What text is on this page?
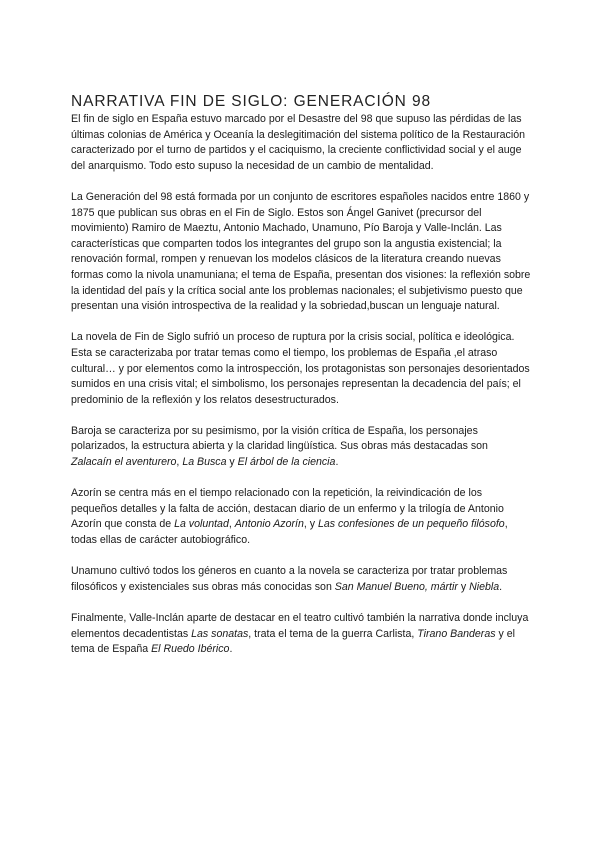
NARRATIVA FIN DE SIGLO: GENERACIÓN 98

El fin de siglo en España estuvo marcado por el Desastre del 98 que supuso las pérdidas de las últimas colonias de América y Oceanía la deslegitimación del sistema político de la Restauración caracterizado por el turno de partidos y el caciquismo, la creciente conflictividad social y el auge del anarquismo. Todo esto supuso la necesidad de un cambio de mentalidad.

La Generación del 98 está formada por un conjunto de escritores españoles nacidos entre 1860 y 1875 que publican sus obras en el Fin de Siglo. Estos son Ángel Ganivet (precursor del movimiento) Ramiro de Maeztu, Antonio Machado, Unamuno, Pío Baroja y Valle-Inclán. Las características que comparten todos los integrantes del grupo son la angustia existencial; la renovación formal, rompen y renuevan los modelos clásicos de la literatura creando nuevas formas como la nivola unamuniana; el tema de España, presentan dos visiones: la reflexión sobre la identidad del país y la crítica social ante los problemas nacionales; el subjetivismo puesto que presentan una visión introspectiva de la realidad y la sobriedad,buscan un lenguaje natural.

La novela de Fin de Siglo sufrió un proceso de ruptura por la crisis social, política e ideológica. Esta se caracterizaba por tratar temas como el tiempo, los problemas de España ,el atraso cultural… y por elementos como la introspección, los protagonistas son personajes desorientados sumidos en una crisis vital; el simbolismo, los personajes representan la decadencia del país; el predominio de la reflexión y los relatos desestructurados.

Baroja se caracteriza por su pesimismo, por la visión crítica de España, los personajes polarizados, la estructura abierta y la claridad lingüística. Sus obras más destacadas son Zalacaín el aventurero, La Busca y El árbol de la ciencia.

Azorín se centra más en el tiempo relacionado con la repetición, la reivindicación de los pequeños detalles y la falta de acción, destacan diario de un enfermo y la trilogía de Antonio Azorín que consta de La voluntad, Antonio Azorín, y Las confesiones de un pequeño filósofo, todas ellas de carácter autobiográfico.

Unamuno cultivó todos los géneros en cuanto a la novela se caracteriza por tratar problemas filosóficos y existenciales sus obras más conocidas son San Manuel Bueno, mártir y Niebla.

Finalmente, Valle-Inclán aparte de destacar en el teatro cultivó también la narrativa donde incluya elementos decadentistas Las sonatas, trata el tema de la guerra Carlista, Tirano Banderas y el tema de España El Ruedo Ibérico.
